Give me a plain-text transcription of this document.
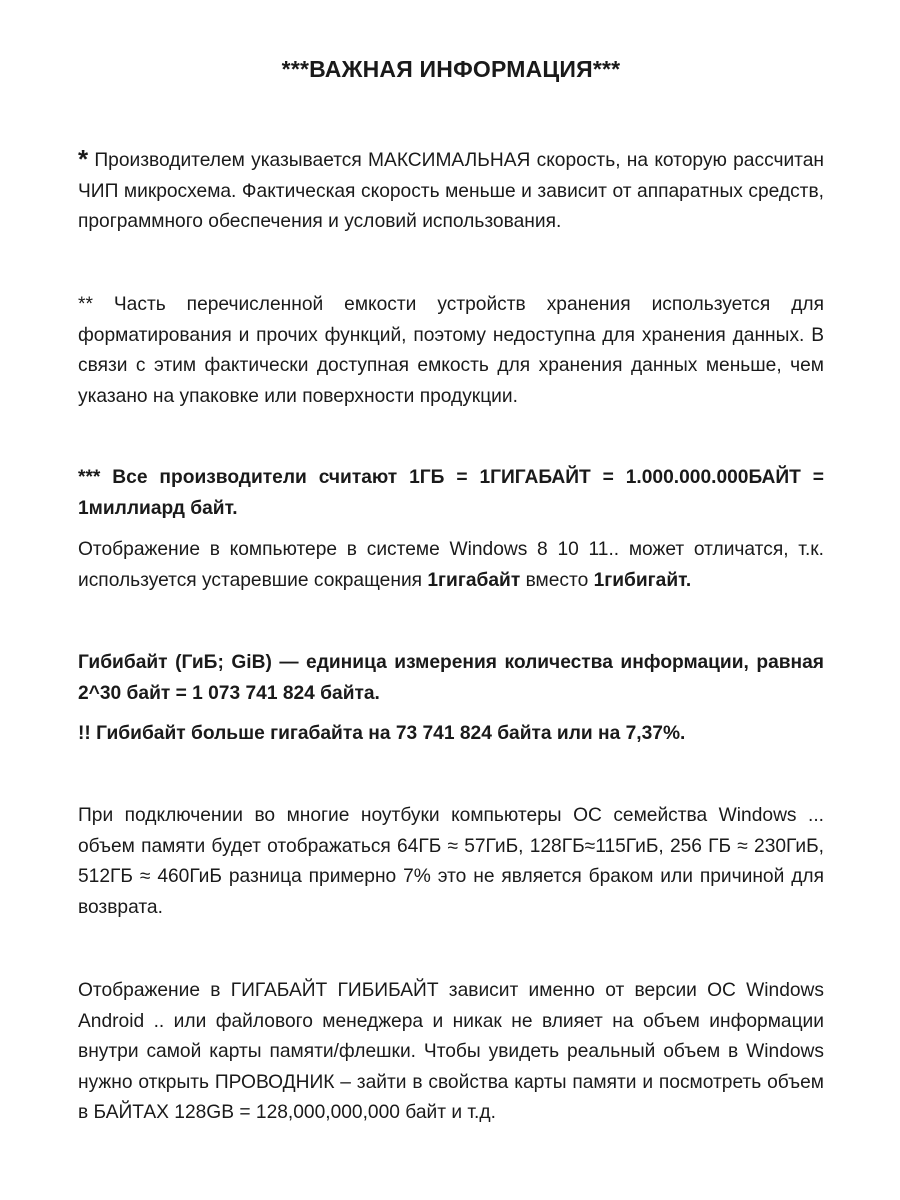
***ВАЖНАЯ ИНФОРМАЦИЯ***

* Производителем указывается МАКСИМАЛЬНАЯ скорость, на которую рассчитан ЧИП микросхема. Фактическая скорость меньше и зависит от аппаратных средств, программного обеспечения и условий использования.

** Часть перечисленной емкости устройств хранения используется для форматирования и прочих функций, поэтому недоступна для хранения данных. В связи с этим фактически доступная емкость для хранения данных меньше, чем указано на упаковке или поверхности продукции.

*** Все производители считают 1ГБ = 1ГИГАБАЙТ = 1.000.000.000БАЙТ = 1миллиард байт.

Отображение в компьютере в системе Windows 8 10 11.. может отличатся, т.к. используется устаревшие сокращения 1гигабайт вместо 1гибигайт.

Гибибайт (ГиБ; GiB) — единица измерения количества информации, равная 2^30 байт = 1 073 741 824 байта.

!! Гибибайт больше гигабайта на 73 741 824 байта или на 7,37%.

При подключении во многие ноутбуки компьютеры ОС семейства Windows ... объем памяти будет отображаться 64ГБ ≈ 57ГиБ, 128ГБ≈115ГиБ, 256 ГБ ≈ 230ГиБ, 512ГБ ≈ 460ГиБ разница примерно 7% это не является браком или причиной для возврата.

Отображение в ГИГАБАЙТ ГИБИБАЙТ зависит именно от версии ОС Windows Android .. или файлового менеджера и никак не влияет на объем информации внутри самой карты памяти/флешки. Чтобы увидеть реальный объем в Windows нужно открыть ПРОВОДНИК – зайти в свойства карты памяти и посмотреть объем в БАЙТАХ 128GB = 128,000,000,000 байт и т.д.
